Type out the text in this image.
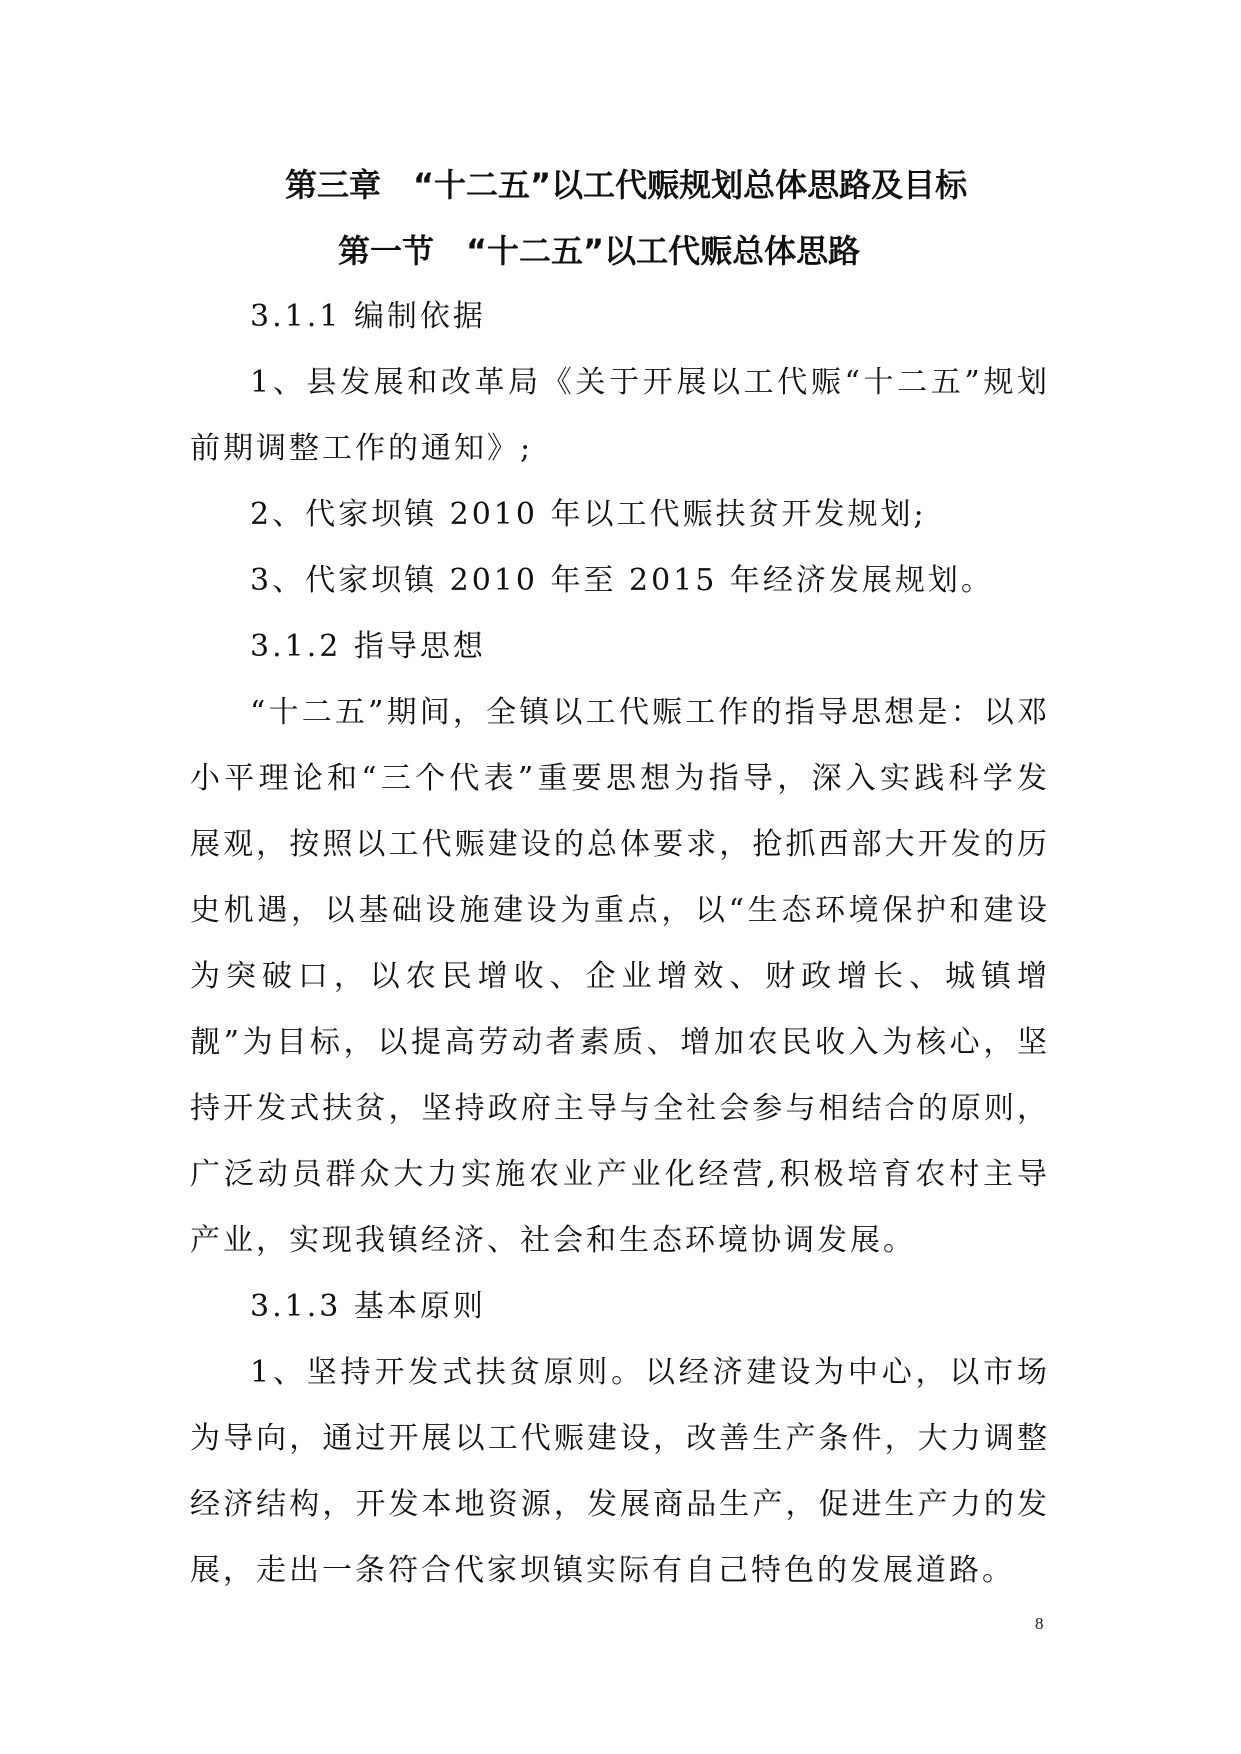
第三章　“十二五”以工代赈规划总体思路及目标
第一节　“十二五”以工代赈总体思路

3.1.1 编制依据

1、县发展和改革局《关于开展以工代赈“十二五”规划前期调整工作的通知》;

2、代家坝镇 2010 年以工代赈扶贫开发规划;

3、代家坝镇 2010 年至 2015 年经济发展规划。

3.1.2 指导思想

“十二五”期间，全镇以工代赈工作的指导思想是：以邓小平理论和“三个代表”重要思想为指导，深入实践科学发展观，按照以工代赈建设的总体要求，抢抓西部大开发的历史机遇，以基础设施建设为重点，以“生态环境保护和建设为突破口，以农民增收、企业增效、财政增长、城镇增靓”为目标，以提高劳动者素质、增加农民收入为核心，坚持开发式扶贫，坚持政府主导与全社会参与相结合的原则，广泛动员群众大力实施农业产业化经营,积极培育农村主导产业，实现我镇经济、社会和生态环境协调发展。

3.1.3 基本原则

1、坚持开发式扶贫原则。以经济建设为中心，以市场为导向，通过开展以工代赈建设，改善生产条件，大力调整经济结构，开发本地资源，发展商品生产，促进生产力的发展，走出一条符合代家坝镇实际有自己特色的发展道路。

8
